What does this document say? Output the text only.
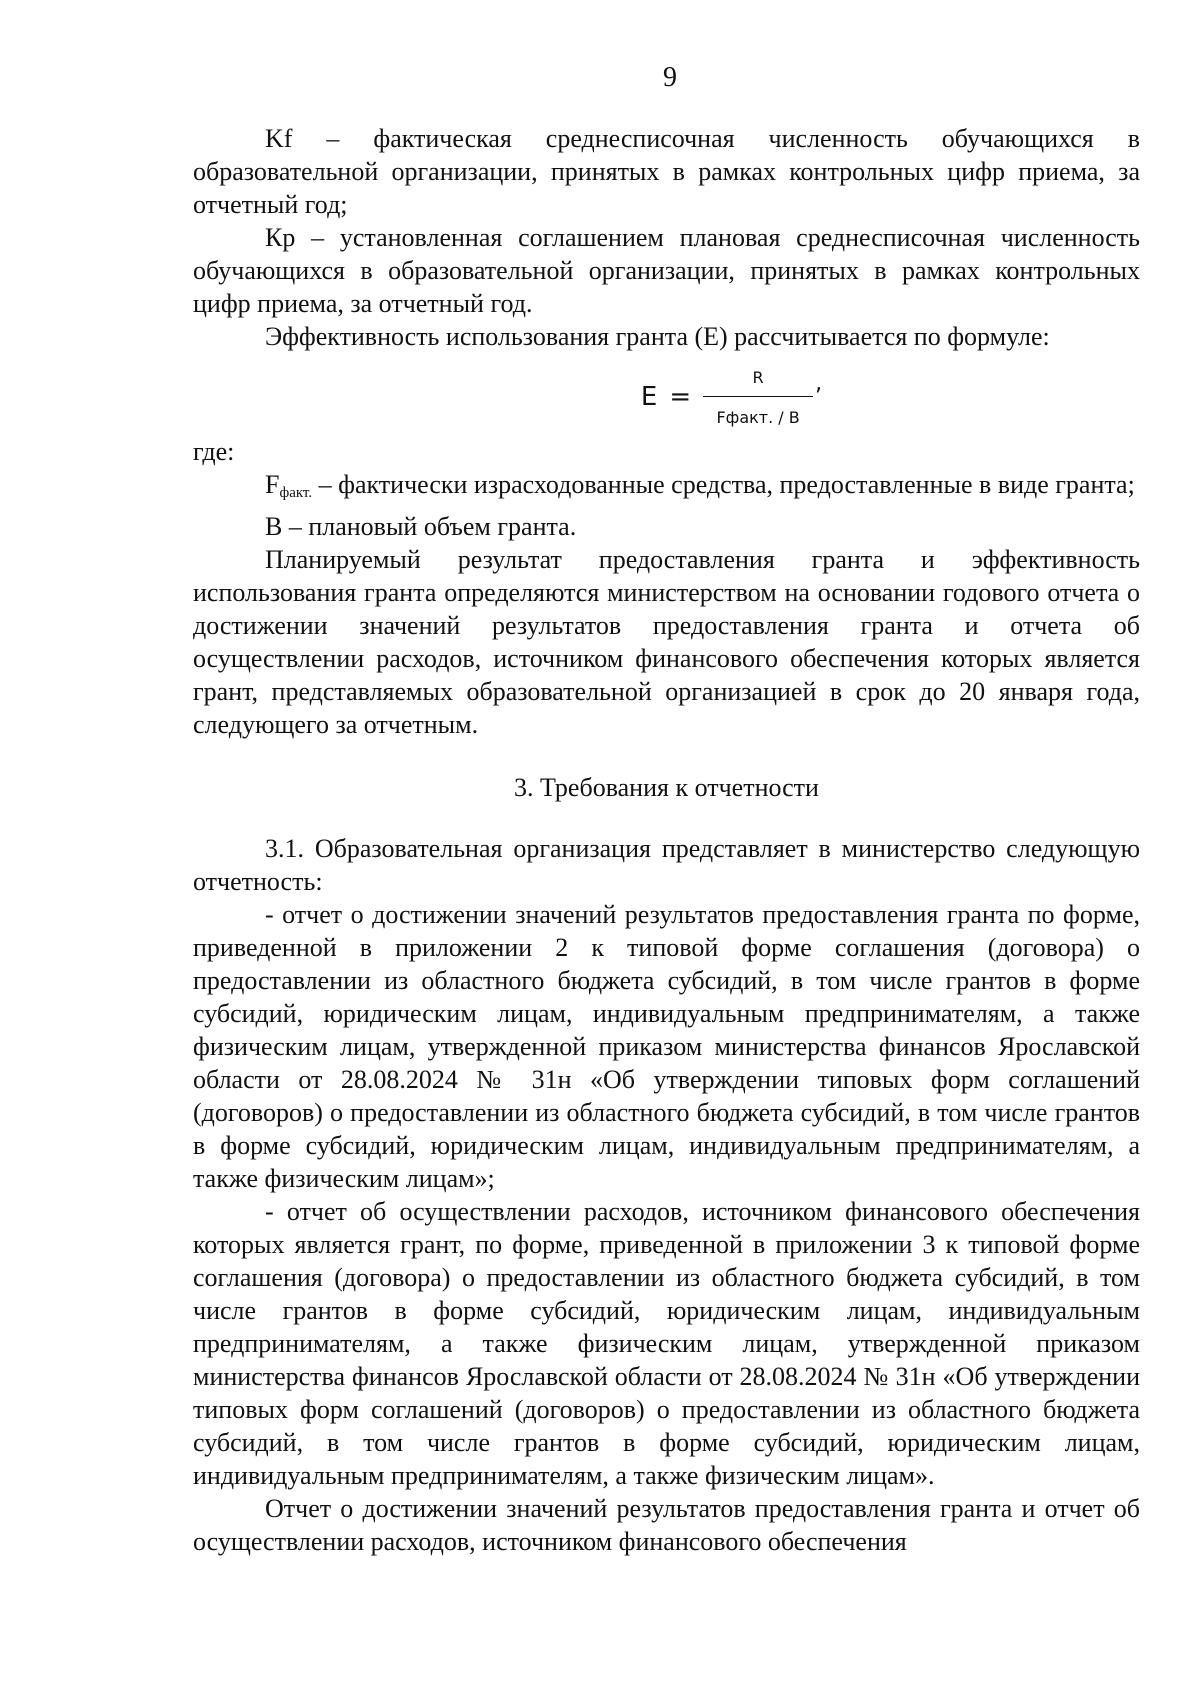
9

Kf – фактическая среднесписочная численность обучающихся в образовательной организации, принятых в рамках контрольных цифр приема, за отчетный год;

Кр – установленная соглашением плановая среднесписочная численность обучающихся в образовательной организации, принятых в рамках контрольных цифр приема, за отчетный год.

Эффективность использования гранта (Е) рассчитывается по формуле:

$E = \frac{R}{\text{Fфакт. / B}}$ ,

где:

$F_{факт.}$ – фактически израсходованные средства, предоставленные в виде гранта;

В – плановый объем гранта.

Планируемый результат предоставления гранта и эффективность использования гранта определяются министерством на основании годового отчета о достижении значений результатов предоставления гранта и отчета об осуществлении расходов, источником финансового обеспечения которых является грант, представляемых образовательной организацией в срок до 20 января года, следующего за отчетным.

3. Требования к отчетности

3.1. Образовательная организация представляет в министерство следующую отчетность:

- отчет о достижении значений результатов предоставления гранта по форме, приведенной в приложении 2 к типовой форме соглашения (договора) о предоставлении из областного бюджета субсидий, в том числе грантов в форме субсидий, юридическим лицам, индивидуальным предпринимателям, а также физическим лицам, утвержденной приказом министерства финансов Ярославской области от 28.08.2024 № 31н «Об утверждении типовых форм соглашений (договоров) о предоставлении из областного бюджета субсидий, в том числе грантов в форме субсидий, юридическим лицам, индивидуальным предпринимателям, а также физическим лицам»;

- отчет об осуществлении расходов, источником финансового обеспечения которых является грант, по форме, приведенной в приложении 3 к типовой форме соглашения (договора) о предоставлении из областного бюджета субсидий, в том числе грантов в форме субсидий, юридическим лицам, индивидуальным предпринимателям, а также физическим лицам, утвержденной приказом министерства финансов Ярославской области от 28.08.2024 № 31н «Об утверждении типовых форм соглашений (договоров) о предоставлении из областного бюджета субсидий, в том числе грантов в форме субсидий, юридическим лицам, индивидуальным предпринимателям, а также физическим лицам».

Отчет о достижении значений результатов предоставления гранта и отчет об осуществлении расходов, источником финансового обеспечения
